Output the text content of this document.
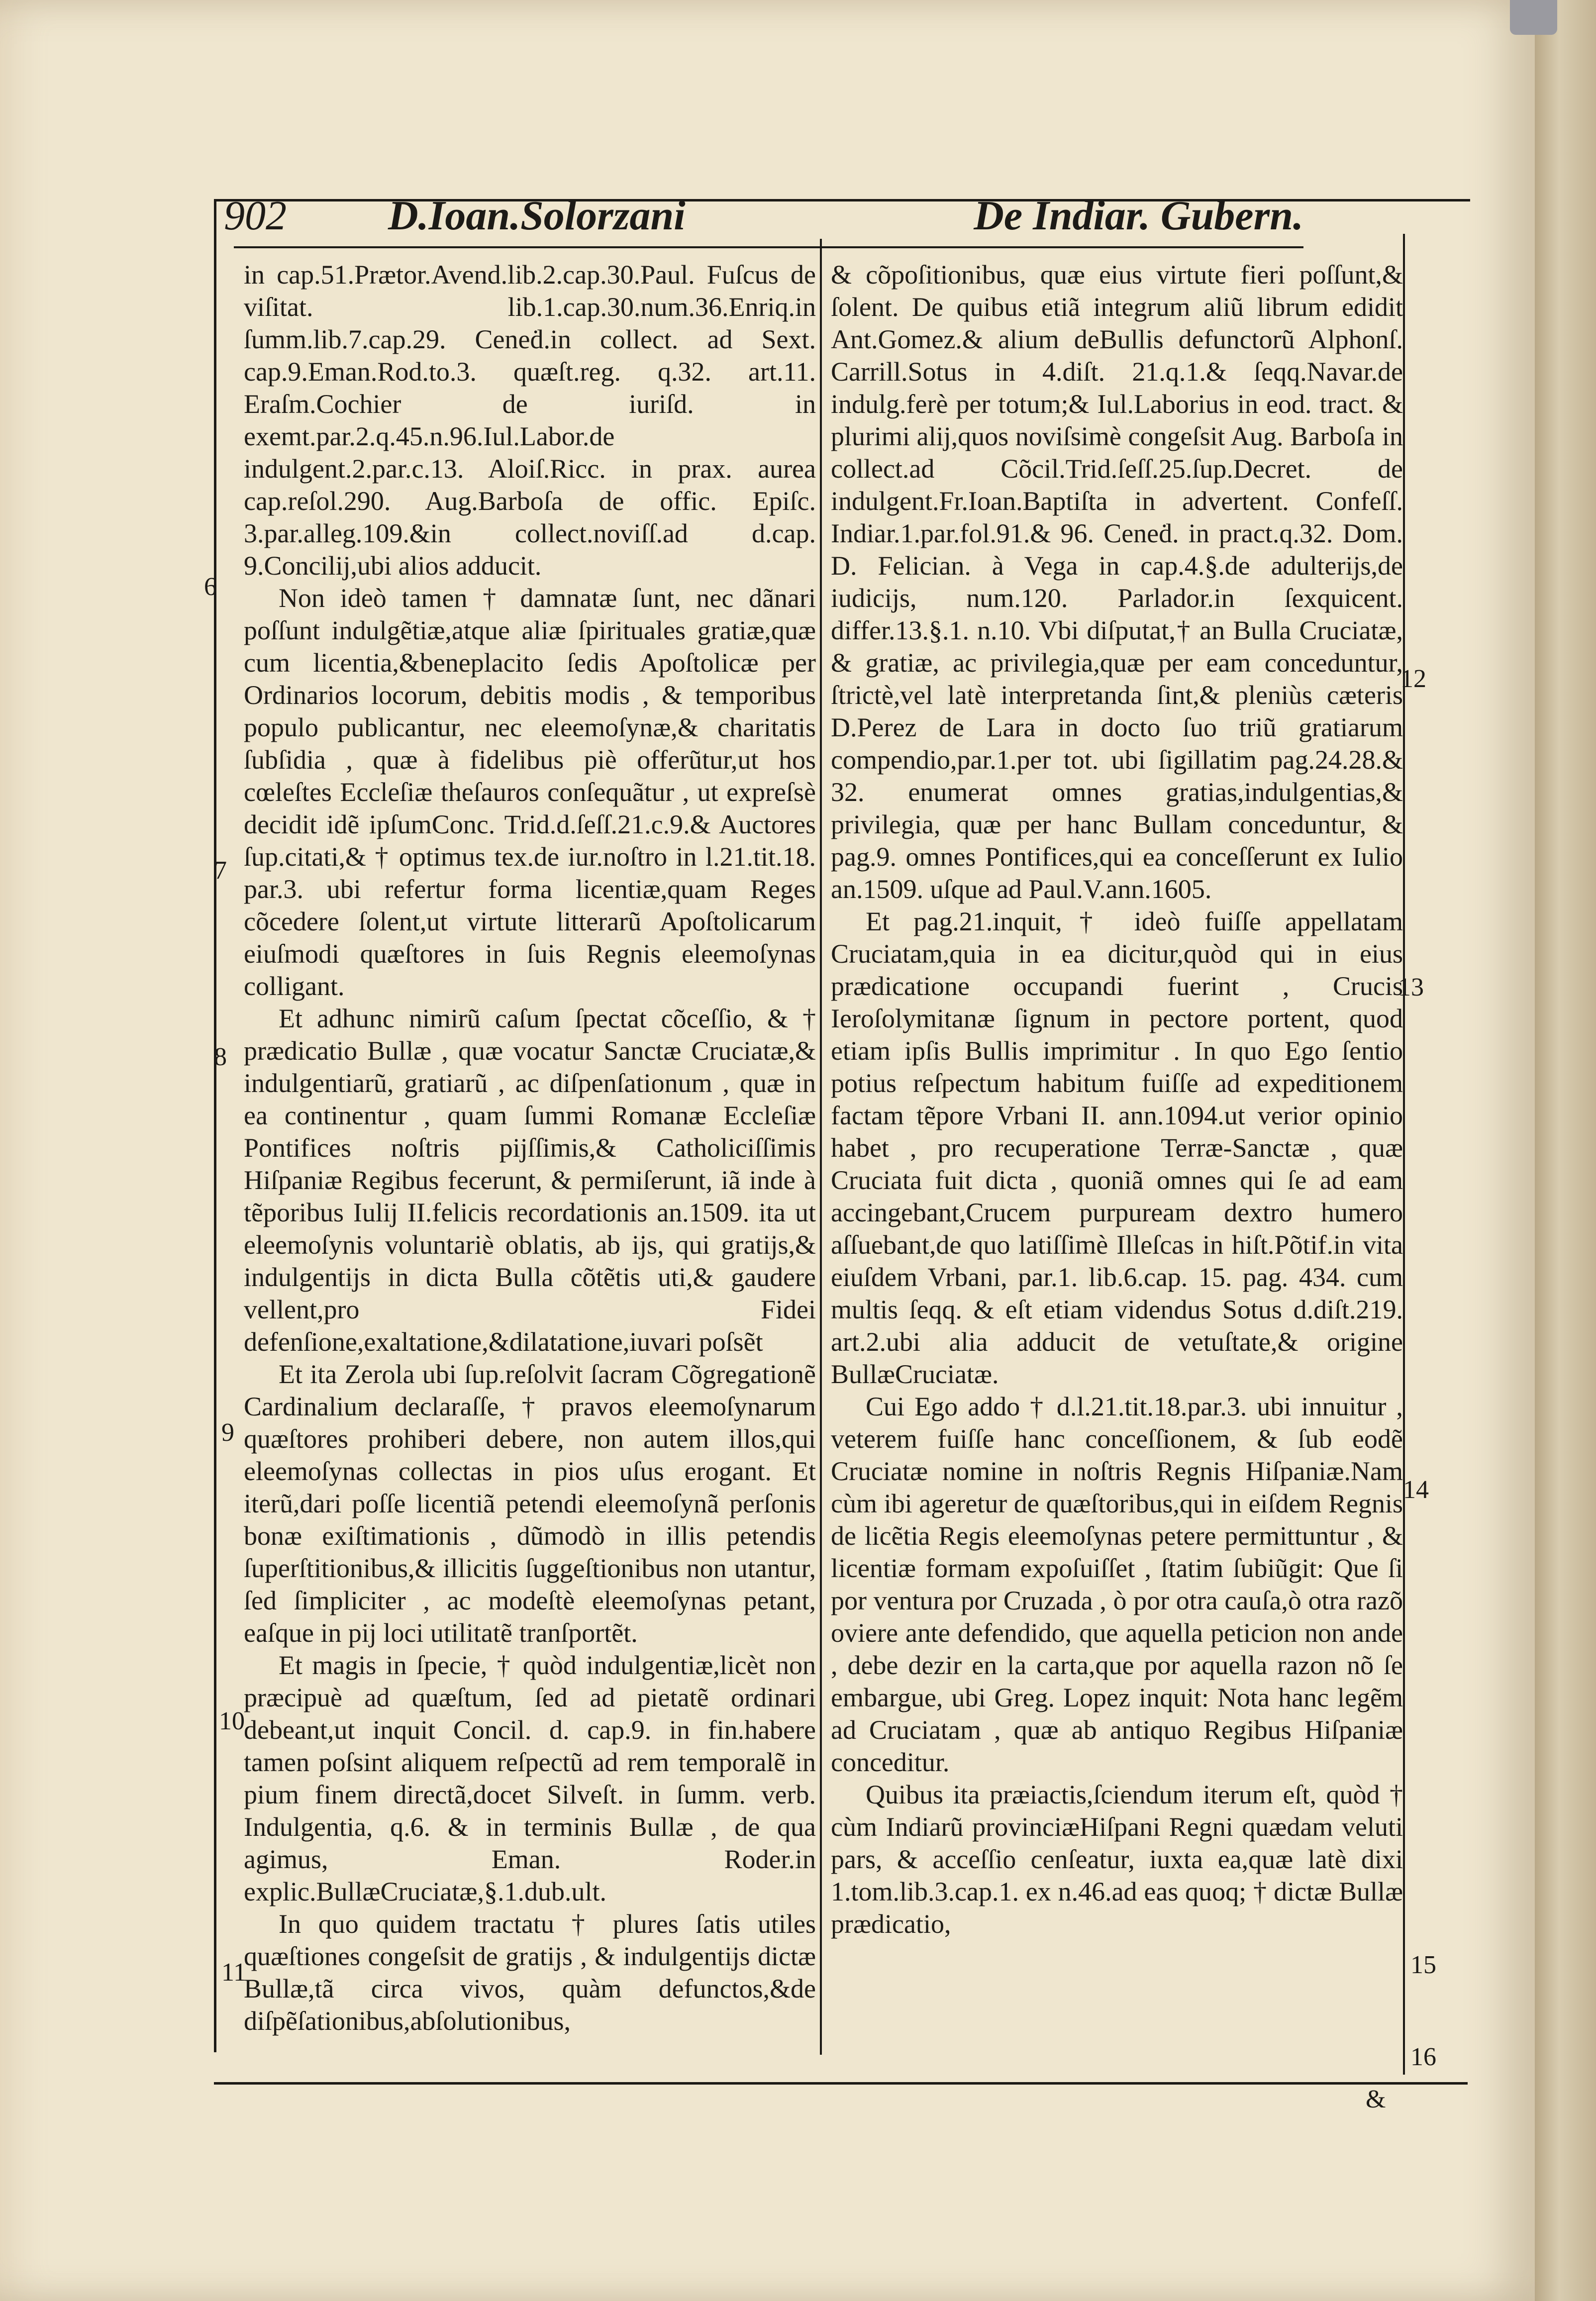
902 D.Ioan.Solorzani	De Indiar. Gubern.

in cap.51.Prætor.Avend.lib.2.cap.30.Paul. Fuſcus de viſitat. lib.1.cap.30.num.36.Enriq.in ſumm.lib.7.cap.29. Ceneḋ.in collect. ad Sext. cap.9.Eman.Rod.to.3. quæſt.reg. q.32. art.11. Eraſm.Cochier de iuriſd. in exemt.par.2.q.45.n.96.Iul.Labor.de indulgent.2.par.c.13. Aloiſ.Ricc. in prax. aurea cap.reſol.290. Aug.Barboſa de offic. Epiſc. 3.par.alleg.109.&in collect.noviſſ.ad d.cap. 9.Concilij,ubi alios adducit.

Non ideò tamen † damnatæ ſunt, nec dãnari poſſunt indulgẽtiæ,atque aliæ ſpirituales gratiæ,quæ cum licentia,&beneplacito ſedis Apoſtolicæ per Ordinarios locorum, debitis modis , & temporibus populo publicantur, nec eleemoſynæ,& charitatis ſubſidia , quæ à fidelibus piè offerũtur,ut hos cœleſtes Eccleſiæ theſauros conſequãtur , ut expreſsè decidit idẽ ipſumConc. Trid.d.ſeſſ.21.c.9.& Auctores ſup.citati,& † optimus tex.de iur.noſtro in l.21.tit.18. par.3. ubi refertur forma licentiæ,quam Reges cõcedere ſolent,ut virtute litterarũ Apoſtolicarum eiuſmodi quæſtores in ſuis Regnis eleemoſynas colligant.

Et adhunc nimirũ caſum ſpectat cõceſſio, & † prædicatio Bullæ , quæ vocatur Sanctæ Cruciatæ,& indulgentiarũ, gratiarũ , ac diſpenſationum , quæ in ea continentur , quam ſummi Romanæ Eccleſiæ Pontifices noſtris pijſſimis,& Catholiciſſimis Hiſpaniæ Regibus fecerunt, & permiſerunt, iã inde à tẽporibus Iulij II.felicis recordationis an.1509. ita ut eleemoſynis voluntariè oblatis, ab ijs, qui gratijs,& indulgentijs in dicta Bulla cõtẽtis uti,& gaudere vellent,pro Fidei defenſione,exaltatione,&dilatatione,iuvari poſsẽt

Et ita Zerola ubi ſup.reſolvit ſacram Cõgregationẽ Cardinalium declaraſſe, † pravos eleemoſynarum quæſtores prohiberi debere, non autem illos,qui eleemoſynas collectas in pios uſus erogant. Et iterũ,dari poſſe licentiã petendi eleemoſynã perſonis bonæ exiſtimationis , dũmodò in illis petendis ſuperſtitionibus,& illicitis ſuggeſtionibus non utantur, ſed ſimpliciter , ac modeſtè eleemoſynas petant, eaſque in pij loci utilitatẽ tranſportẽt.

Et magis in ſpecie, † quòd indulgentiæ,licèt non præcipuè ad quæſtum, ſed ad pietatẽ ordinari debeant,ut inquit Concil. d. cap.9. in fin.habere tamen poſsint aliquem reſpectũ ad rem temporalẽ in pium finem directã,docet Silveſt. in ſumm. verb. Indulgentia, q.6. & in terminis Bullæ , de qua agimus, Eman. Roder.in explic.BullæCruciatæ,§.1.dub.ult.

In quo quidem tractatu † plures ſatis utiles quæſtiones congeſsit de gratijs , & indulgentijs dictæ Bullæ,tã circa vivos, quàm defunctos,&de diſpẽſationibus,abſolutionibus,

& cõpoſitionibus, quæ eius virtute fieri poſſunt,& ſolent. De quibus etiã integrum aliũ librum edidit Ant.Gomez.& alium deBullis defunctorũ Alphonſ. Carrill.Sotus in 4.diſt. 21.q.1.& ſeqq.Navar.de indulg.ferè per totum;& Iul.Laborius in eod. tract. & plurimi alij,quos noviſsimè congeſsit Aug. Barboſa in collect.ad Cõcil.Trid.ſeſſ.25.ſup.Decret. de indulgent.Fr.Ioan.Baptiſta in advertent. Confeſſ. Indiar.1.par.fol.91.& 96. Ceneḋ. in pract.q.32. Dom. D. Felician. à Vega in cap.4.§.de adulterijs,de iudicijs, num.120. Parlador.in ſexquicent. differ.13.§.1. n.10. Vbi diſputat,† an Bulla Cruciatæ, & gratiæ, ac privilegia,quæ per eam conceduntur, ſtrictè,vel latè interpretanda ſint,& pleniùs cæteris D.Perez de Lara in docto ſuo triũ gratiarum compendio,par.1.per tot. ubi ſigillatim pag.24.28.& 32. enumerat omnes gratias,indulgentias,& privilegia, quæ per hanc Bullam conceduntur, & pag.9. omnes Pontifices,qui ea conceſſerunt ex Iulio an.1509. uſque ad Paul.V.ann.1605.

Et pag.21.inquit,† ideò fuiſſe appellatam Cruciatam,quia in ea dicitur,quòd qui in eius prædicatione occupandi fuerint , Crucis Ieroſolymitanæ ſignum in pectore portent, quod etiam ipſis Bullis imprimitur . In quo Ego ſentio potius reſpectum habitum fuiſſe ad expeditionem factam tẽpore Vrbani II. ann.1094.ut verior opinio habet , pro recuperatione Terræ-Sanctæ , quæ Cruciata fuit dicta , quoniã omnes qui ſe ad eam accingebant,Crucem purpuream dextro humero aſſuebant,de quo latiſſimè Illeſcas in hiſt.Põtif.in vita eiuſdem Vrbani, par.1. lib.6.cap. 15. pag. 434. cum multis ſeqq. & eſt etiam videndus Sotus d.diſt.219. art.2.ubi alia adducit de vetuſtate,& origine BullæCruciatæ.

Cui Ego addo † d.l.21.tit.18.par.3. ubi innuitur , veterem fuiſſe hanc conceſſionem, & ſub eodẽ Cruciatæ nomine in noſtris Regnis Hiſpaniæ.Nam cùm ibi ageretur de quæſtoribus,qui in eiſdem Regnis de licẽtia Regis eleemoſynas petere permittuntur , & licentiæ formam expoſuiſſet , ſtatim ſubiũgit: Que ſi por ventura por Cruzada , ò por otra cauſa,ò otra razõ oviere ante defendido, que aquella peticion non ande , debe dezir en la carta,que por aquella razon nõ ſe embargue, ubi Greg. Lopez inquit: Nota hanc legẽm ad Cruciatam , quæ ab antiquo Regibus Hiſpaniæ conceditur.

Quibus ita præiactis,ſciendum iterum eſt, quòd † cùm Indiarũ provinciæHiſpani Regni quædam veluti pars, & acceſſio cenſeatur, iuxta ea,quæ latè dixi 1.tom.lib.3.cap.1. ex n.46.ad eas quoq; † dictæ Bullæ prædicatio,

6
7
8
9
10
11
12
13
14
15
16
&
